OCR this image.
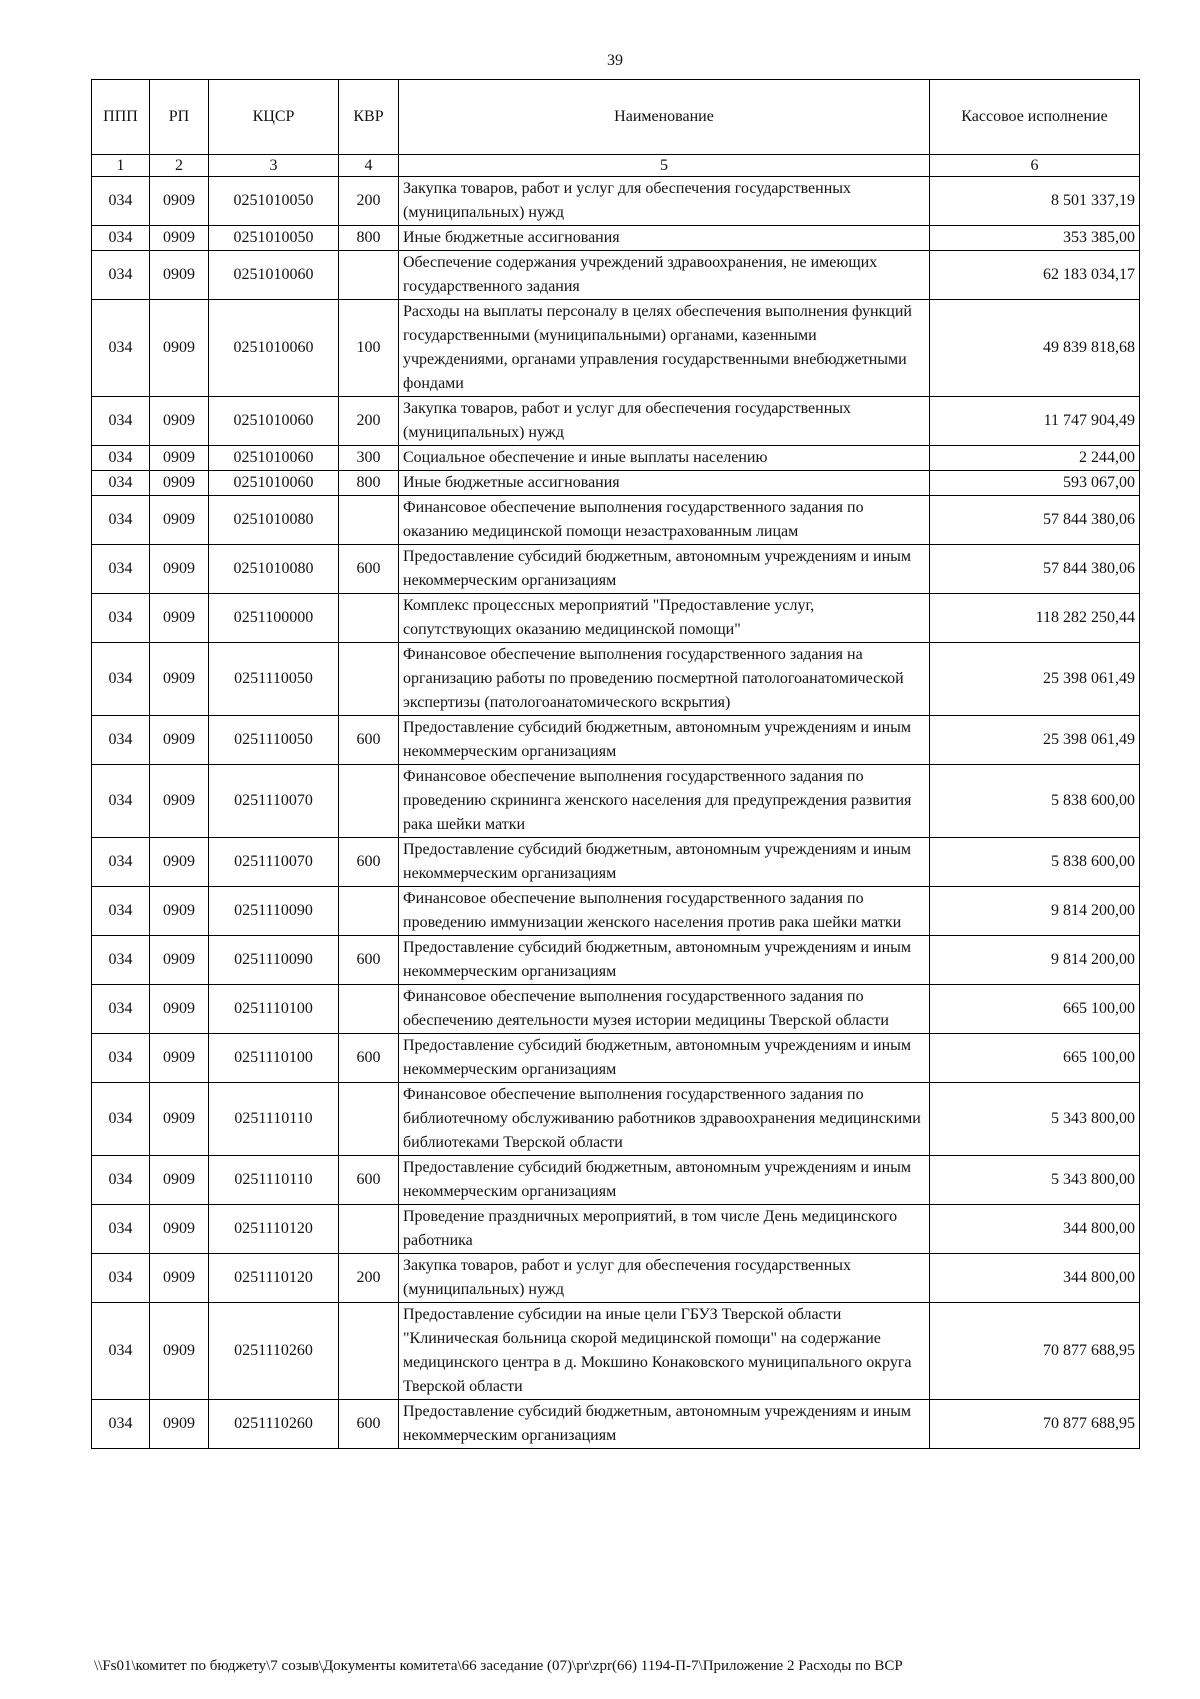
39
ППП	РП	КЦСР	КВР	Наименование	Кассовое исполнение
1	2	3	4	5	6
034	0909	0251010050	200	Закупка товаров, работ и услуг для обеспечения государственных (муниципальных) нужд	8 501 337,19
034	0909	0251010050	800	Иные бюджетные ассигнования	353 385,00
034	0909	0251010060		Обеспечение содержания учреждений здравоохранения, не имеющих государственного задания	62 183 034,17
034	0909	0251010060	100	Расходы на выплаты персоналу в целях обеспечения выполнения функций государственными (муниципальными) органами, казенными учреждениями, органами управления государственными внебюджетными фондами	49 839 818,68
034	0909	0251010060	200	Закупка товаров, работ и услуг для обеспечения государственных (муниципальных) нужд	11 747 904,49
034	0909	0251010060	300	Социальное обеспечение и иные выплаты населению	2 244,00
034	0909	0251010060	800	Иные бюджетные ассигнования	593 067,00
034	0909	0251010080		Финансовое обеспечение выполнения государственного задания по оказанию медицинской помощи незастрахованным лицам	57 844 380,06
034	0909	0251010080	600	Предоставление субсидий бюджетным, автономным учреждениям и иным некоммерческим организациям	57 844 380,06
034	0909	0251100000		Комплекс процессных мероприятий "Предоставление услуг, сопутствующих оказанию медицинской помощи"	118 282 250,44
034	0909	0251110050		Финансовое обеспечение выполнения государственного задания на организацию работы по проведению посмертной патологоанатомической экспертизы (патологоанатомического вскрытия)	25 398 061,49
034	0909	0251110050	600	Предоставление субсидий бюджетным, автономным учреждениям и иным некоммерческим организациям	25 398 061,49
034	0909	0251110070		Финансовое обеспечение выполнения государственного задания по проведению скрининга женского населения для предупреждения развития рака шейки матки	5 838 600,00
034	0909	0251110070	600	Предоставление субсидий бюджетным, автономным учреждениям и иным некоммерческим организациям	5 838 600,00
034	0909	0251110090		Финансовое обеспечение выполнения государственного задания по проведению иммунизации женского населения против рака шейки матки	9 814 200,00
034	0909	0251110090	600	Предоставление субсидий бюджетным, автономным учреждениям и иным некоммерческим организациям	9 814 200,00
034	0909	0251110100		Финансовое обеспечение выполнения государственного задания по обеспечению деятельности музея истории медицины Тверской области	665 100,00
034	0909	0251110100	600	Предоставление субсидий бюджетным, автономным учреждениям и иным некоммерческим организациям	665 100,00
034	0909	0251110110		Финансовое обеспечение выполнения государственного задания по библиотечному обслуживанию работников здравоохранения медицинскими библиотеками Тверской области	5 343 800,00
034	0909	0251110110	600	Предоставление субсидий бюджетным, автономным учреждениям и иным некоммерческим организациям	5 343 800,00
034	0909	0251110120		Проведение праздничных мероприятий, в том числе День медицинского работника	344 800,00
034	0909	0251110120	200	Закупка товаров, работ и услуг для обеспечения государственных (муниципальных) нужд	344 800,00
034	0909	0251110260		Предоставление субсидии на иные цели ГБУЗ Тверской области "Клиническая больница скорой медицинской помощи" на содержание медицинского центра в д. Мокшино Конаковского муниципального округа Тверской области	70 877 688,95
034	0909	0251110260	600	Предоставление субсидий бюджетным, автономным учреждениям и иным некоммерческим организациям	70 877 688,95
\\Fs01\комитет по бюджету\7 созыв\Документы комитета\66 заседание (07)\pr\zpr(66) 1194-П-7\Приложение 2 Расходы по ВСР
